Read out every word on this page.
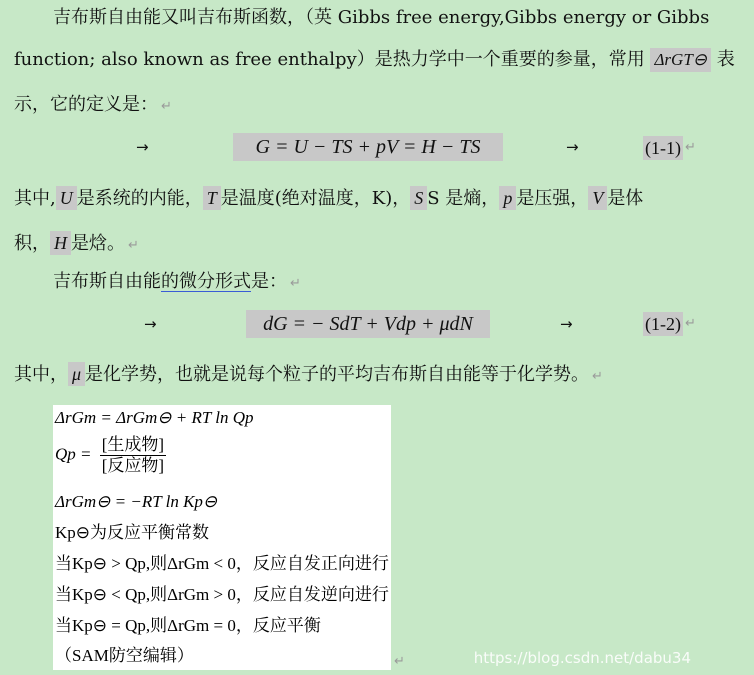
吉布斯自由能又叫吉布斯函数，（英 Gibbs free energy,Gibbs energy or Gibbs
function; also known as free enthalpy）是热力学中一个重要的参量，常用 ΔrGT⊖ 表
示，它的定义是： ↵
→	G = U − TS + pV = H − TS	→	(1-1) ↵
其中, U 是系统的内能， T 是温度(绝对温度，K)， S S 是熵， p 是压强， V 是体
积， H 是焓。 ↵
吉布斯自由能的微分形式是： ↵
→	dG = − SdT + Vdp + μdN	→	(1-2) ↵
其中， μ 是化学势，也就是说每个粒子的平均吉布斯自由能等于化学势。 ↵
ΔrGm = ΔrGm⊖ + RT ln Qp
$Qp = \frac{\text{[生成物]}}{\text{[反应物]}}$
ΔrGm⊖ = −RT ln Kp⊖
Kp⊖为反应平衡常数
当Kp⊖ > Qp,则ΔrGm < 0，反应自发正向进行
当Kp⊖ < Qp,则ΔrGm > 0，反应自发逆向进行
当Kp⊖ = Qp,则ΔrGm = 0，反应平衡
（SAM防空编辑）	↵	https://blog.csdn.net/dabu34
